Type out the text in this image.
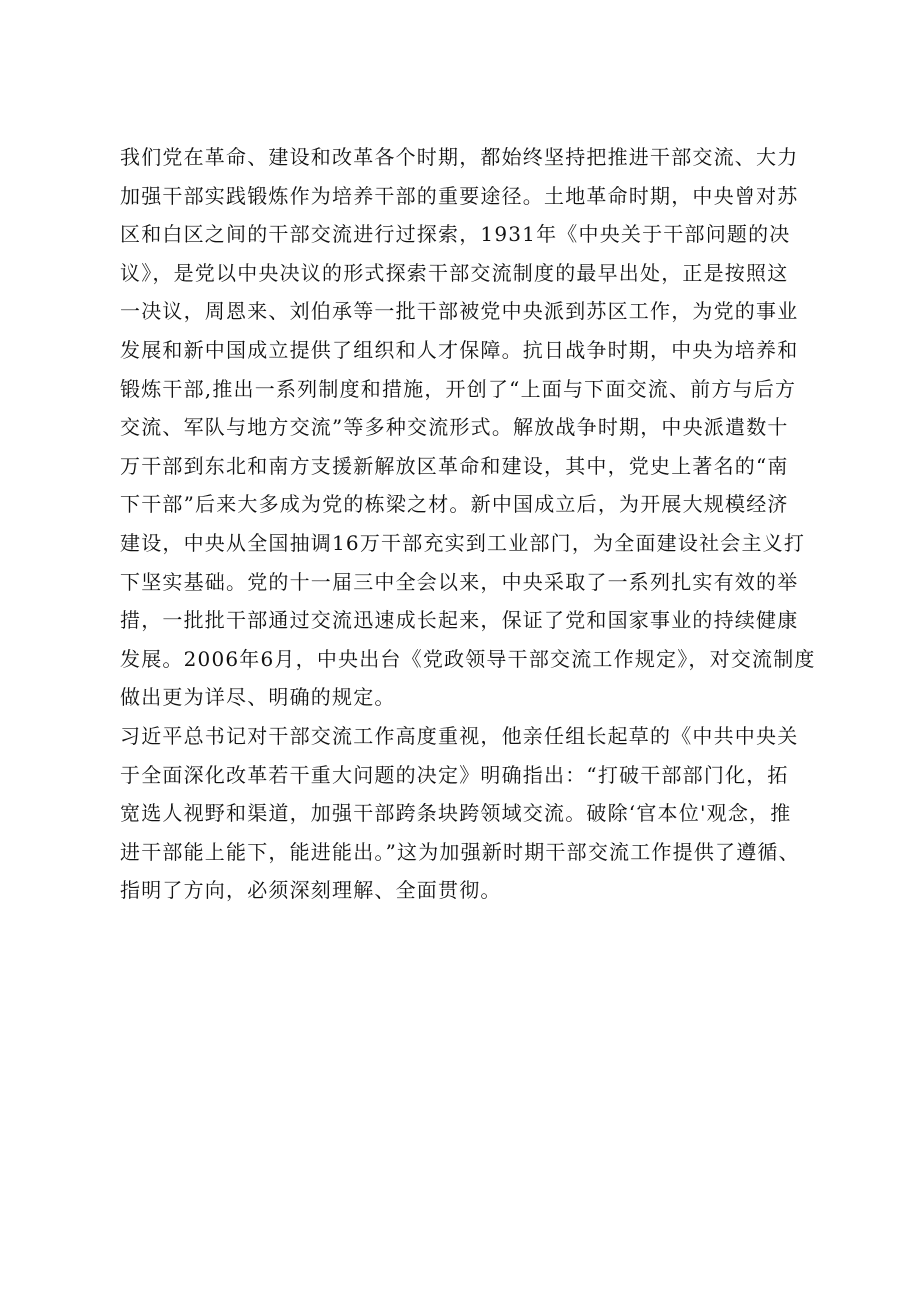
我们党在革命、建设和改革各个时期，都始终坚持把推进干部交流、大力
加强干部实践锻炼作为培养干部的重要途径。土地革命时期，中央曾对苏
区和白区之间的干部交流进行过探索，1931年《中央关于干部问题的决
议》，是党以中央决议的形式探索干部交流制度的最早出处，正是按照这
一决议，周恩来、刘伯承等一批干部被党中央派到苏区工作，为党的事业
发展和新中国成立提供了组织和人才保障。抗日战争时期，中央为培养和
锻炼干部,推出一系列制度和措施，开创了“上面与下面交流、前方与后方
交流、军队与地方交流”等多种交流形式。解放战争时期，中央派遣数十
万干部到东北和南方支援新解放区革命和建设，其中，党史上著名的“南
下干部”后来大多成为党的栋梁之材。新中国成立后，为开展大规模经济
建设，中央从全国抽调16万干部充实到工业部门，为全面建设社会主义打
下坚实基础。党的十一届三中全会以来，中央采取了一系列扎实有效的举
措，一批批干部通过交流迅速成长起来，保证了党和国家事业的持续健康
发展。2006年6月，中央出台《党政领导干部交流工作规定》，对交流制度
做出更为详尽、明确的规定。
习近平总书记对干部交流工作高度重视，他亲任组长起草的《中共中央关
于全面深化改革若干重大问题的决定》明确指出：“打破干部部门化，拓
宽选人视野和渠道，加强干部跨条块跨领域交流。破除‘官本位'观念，推
进干部能上能下，能进能出。”这为加强新时期干部交流工作提供了遵循、
指明了方向，必须深刻理解、全面贯彻。
